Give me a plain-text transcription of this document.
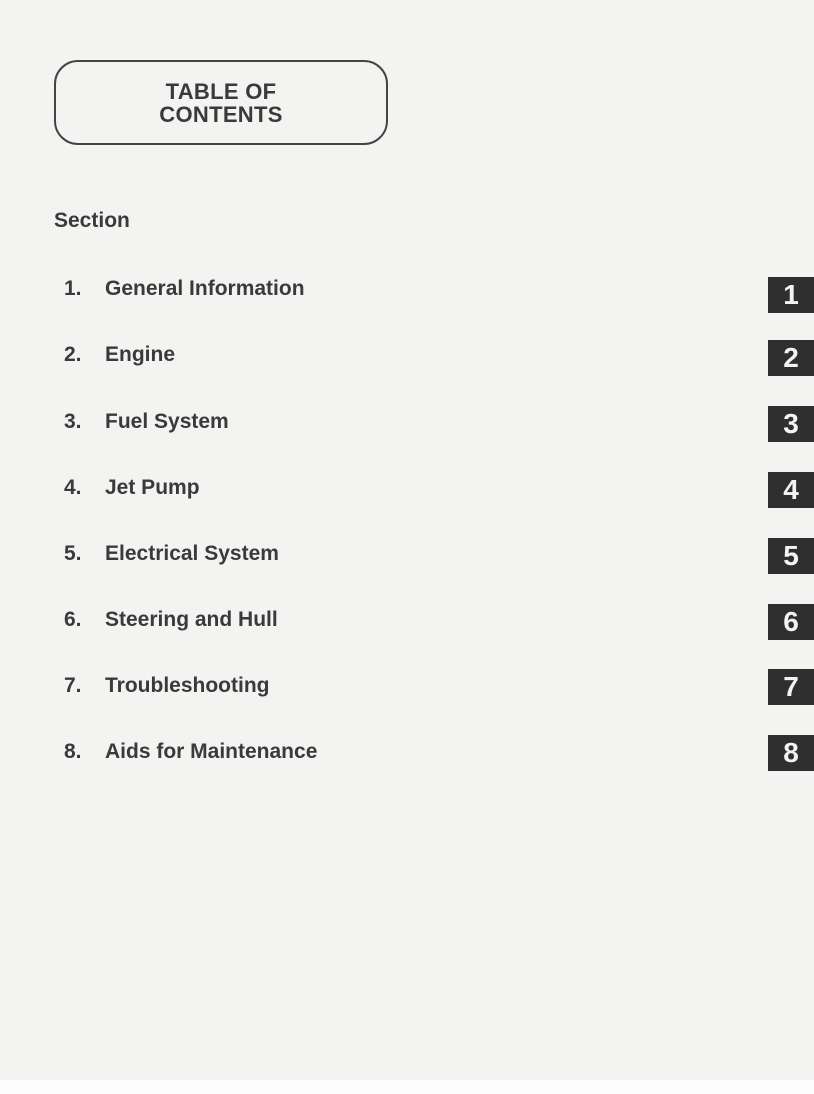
TABLE OF
CONTENTS
Section
1. General Information
2. Engine
3. Fuel System
4. Jet Pump
5. Electrical System
6. Steering and Hull
7. Troubleshooting
8. Aids for Maintenance
1
2
3
4
5
6
7
8
